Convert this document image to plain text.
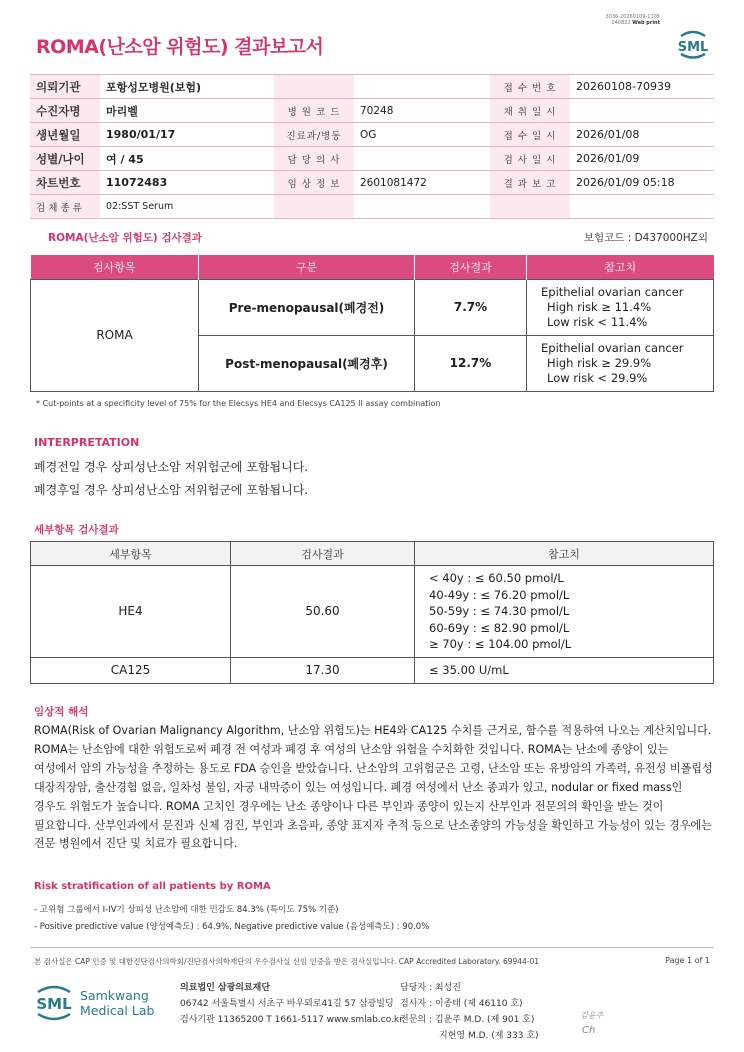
ROMA(난소암 위험도) 결과보고서
3036-20260109-1105
040822 Web print
SML
의뢰기관	포항성모병원(보험)			접 수 번 호	20260108-70939
수진자명	마리벨	병 원 코 드	70248	채 취 일 시	
생년월일	1980/01/17	진료과/병동	OG	접 수 일 시	2026/01/08
성별/나이	여 / 45	담 당 의 사		검 사 일 시	2026/01/09
차트번호	11072483	임 상 정 보	2601081472	결 과 보 고	2026/01/09 05:18
검 체 종 류	02:SST Serum				
ROMA(난소암 위험도) 검사결과	보험코드 : D437000HZ외
검사항목	구분	검사결과	참고치
ROMA	Pre-menopausal(폐경전)	7.7%	Epithelial ovarian cancer
High risk ≥ 11.4%
Low risk < 11.4%

	Post-menopausal(폐경후)	12.7%	Epithelial ovarian cancer
High risk ≥ 29.9%
Low risk < 29.9%
* Cut-points at a specificity level of 75% for the Elecsys HE4 and Elecsys CA125 II assay combination
INTERPRETATION
폐경전일 경우 상피성난소암 저위험군에 포함됩니다.
폐경후일 경우 상피성난소암 저위험군에 포함됩니다.
세부항목 검사결과
세부항목	검사결과	참고치
HE4	50.60	< 40y : ≤ 60.50 pmol/L
40-49y : ≤ 76.20 pmol/L
50-59y : ≤ 74.30 pmol/L
60-69y : ≤ 82.90 pmol/L
≥ 70y : ≤ 104.00 pmol/L

CA125	17.30	≤ 35.00 U/mL
임상적 해석
ROMA(Risk of Ovarian Malignancy Algorithm, 난소암 위험도)는 HE4와 CA125 수치를 근거로, 함수를 적용하여 나오는 계산치입니다.
ROMA는 난소암에 대한 위험도로써 폐경 전 여성과 폐경 후 여성의 난소암 위험을 수치화한 것입니다. ROMA는 난소에 종양이 있는
여성에서 암의 가능성을 추정하는 용도로 FDA 승인을 받았습니다. 난소암의 고위험군은 고령, 난소암 또는 유방암의 가족력, 유전성 비폴립성
대장직장암, 출산경험 없음, 일차성 불임, 자궁 내막증이 있는 여성입니다. 폐경 여성에서 난소 종괴가 있고, nodular or fixed mass인
경우도 위험도가 높습니다. ROMA 고치인 경우에는 난소 종양이나 다른 부인과 종양이 있는지 산부인과 전문의의 확인을 받는 것이
필요합니다. 산부인과에서 문진과 신체 검진, 부인과 초음파, 종양 표지자 추적 등으로 난소종양의 가능성을 확인하고 가능성이 있는 경우에는
전문 병원에서 진단 및 치료가 필요합니다.
Risk stratification of all patients by ROMA
- 고위험 그룹에서 I-IV기 상피성 난소암에 대한 민감도 84.3% (특이도 75% 기준)
- Positive predictive value (양성예측도) : 64.9%, Negative predictive value (음성예측도) : 90.0%
본 검사실은 CAP 인증 및 대한진단검사의학회/진단검사의학재단의 우수검사실 신임 인증을 받은 검사실입니다. CAP Accredited Laboratory. 69944-01	Page 1 of 1
SML Samkwang
Medical Lab
의료법인 삼광의료재단
06742 서울특별시 서초구 바우뫼로41길 57 삼광빌딩
검사기관 11365200 T 1661-5117 www.smlab.co.kr
담당자 : 최성진
검사자 : 이종태 (제 46110 호)
전문의 : 김윤주 M.D. (제 901 호)
지현영 M.D. (제 333 호)
김윤주
Ch
